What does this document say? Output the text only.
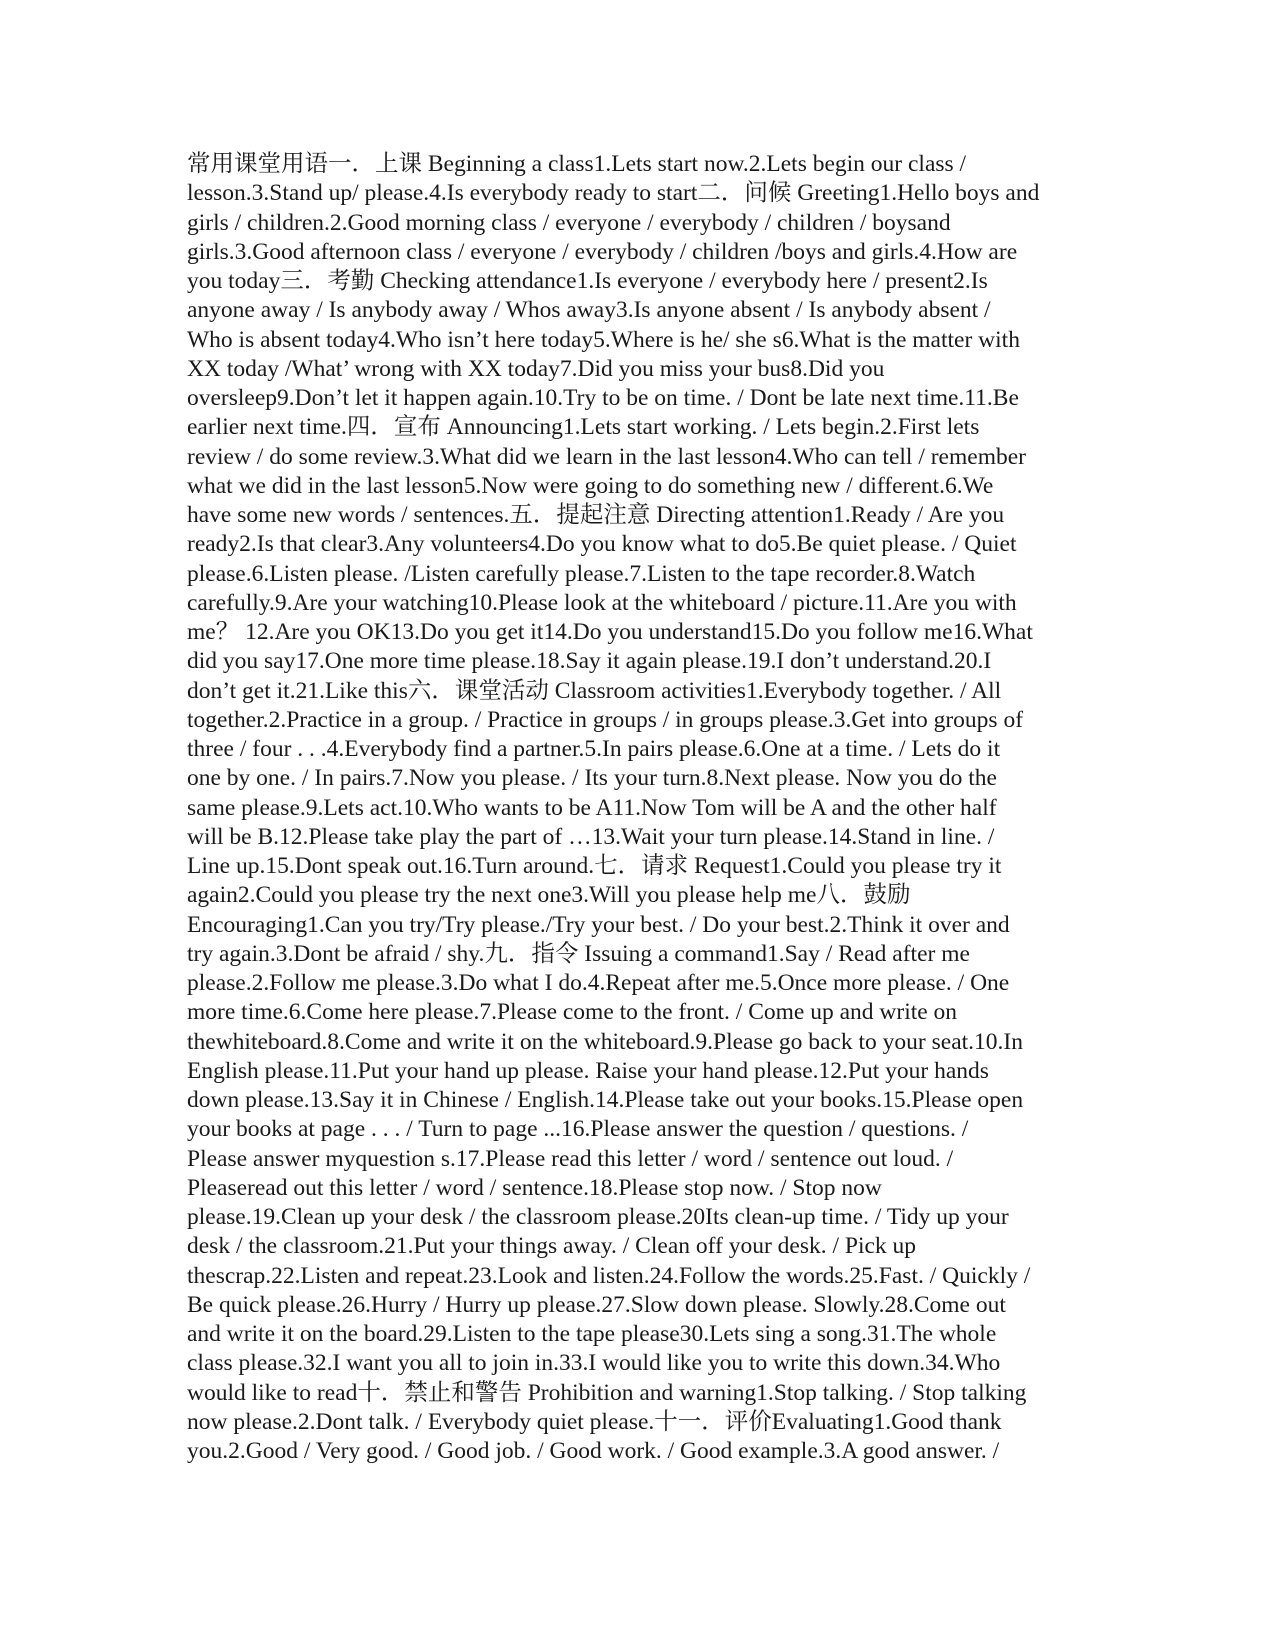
常用课堂用语一．上课 Beginning a class1.Lets start now.2.Lets begin our class /
lesson.3.Stand up/ please.4.Is everybody ready to start二．问候 Greeting1.Hello boys and
girls / children.2.Good morning class / everyone / everybody / children / boysand
girls.3.Good afternoon class / everyone / everybody / children /boys and girls.4.How are
you today三．考勤 Checking attendance1.Is everyone / everybody here / present2.Is
anyone away / Is anybody away / Whos away3.Is anyone absent / Is anybody absent /
Who is absent today4.Who isn’t here today5.Where is he/ she s6.What is the matter with
XX today /What’ wrong with XX today7.Did you miss your bus8.Did you
oversleep9.Don’t let it happen again.10.Try to be on time. / Dont be late next time.11.Be
earlier next time.四．宣布 Announcing1.Lets start working. / Lets begin.2.First lets
review / do some review.3.What did we learn in the last lesson4.Who can tell / remember
what we did in the last lesson5.Now were going to do something new / different.6.We
have some new words / sentences.五．提起注意 Directing attention1.Ready / Are you
ready2.Is that clear3.Any volunteers4.Do you know what to do5.Be quiet please. / Quiet
please.6.Listen please. /Listen carefully please.7.Listen to the tape recorder.8.Watch
carefully.9.Are your watching10.Please look at the whiteboard / picture.11.Are you with
me？ 12.Are you OK13.Do you get it14.Do you understand15.Do you follow me16.What
did you say17.One more time please.18.Say it again please.19.I don’t understand.20.I
don’t get it.21.Like this六．课堂活动 Classroom activities1.Everybody together. / All
together.2.Practice in a group. / Practice in groups / in groups please.3.Get into groups of
three / four . . .4.Everybody find a partner.5.In pairs please.6.One at a time. / Lets do it
one by one. / In pairs.7.Now you please. / Its your turn.8.Next please. Now you do the
same please.9.Lets act.10.Who wants to be A11.Now Tom will be A and the other half
will be B.12.Please take play the part of …13.Wait your turn please.14.Stand in line. /
Line up.15.Dont speak out.16.Turn around.七．请求 Request1.Could you please try it
again2.Could you please try the next one3.Will you please help me八．鼓励
Encouraging1.Can you try/Try please./Try your best. / Do your best.2.Think it over and
try again.3.Dont be afraid / shy.九．指令 Issuing a command1.Say / Read after me
please.2.Follow me please.3.Do what I do.4.Repeat after me.5.Once more please. / One
more time.6.Come here please.7.Please come to the front. / Come up and write on
thewhiteboard.8.Come and write it on the whiteboard.9.Please go back to your seat.10.In
English please.11.Put your hand up please. Raise your hand please.12.Put your hands
down please.13.Say it in Chinese / English.14.Please take out your books.15.Please open
your books at page . . . / Turn to page ...16.Please answer the question / questions. /
Please answer myquestion s.17.Please read this letter / word / sentence out loud. /
Pleaseread out this letter / word / sentence.18.Please stop now. / Stop now
please.19.Clean up your desk / the classroom please.20Its clean-up time. / Tidy up your
desk / the classroom.21.Put your things away. / Clean off your desk. / Pick up
thescrap.22.Listen and repeat.23.Look and listen.24.Follow the words.25.Fast. / Quickly /
Be quick please.26.Hurry / Hurry up please.27.Slow down please. Slowly.28.Come out
and write it on the board.29.Listen to the tape please30.Lets sing a song.31.The whole
class please.32.I want you all to join in.33.I would like you to write this down.34.Who
would like to read十．禁止和警告 Prohibition and warning1.Stop talking. / Stop talking
now please.2.Dont talk. / Everybody quiet please.十一．评价Evaluating1.Good thank
you.2.Good / Very good. / Good job. / Good work. / Good example.3.A good answer. /
